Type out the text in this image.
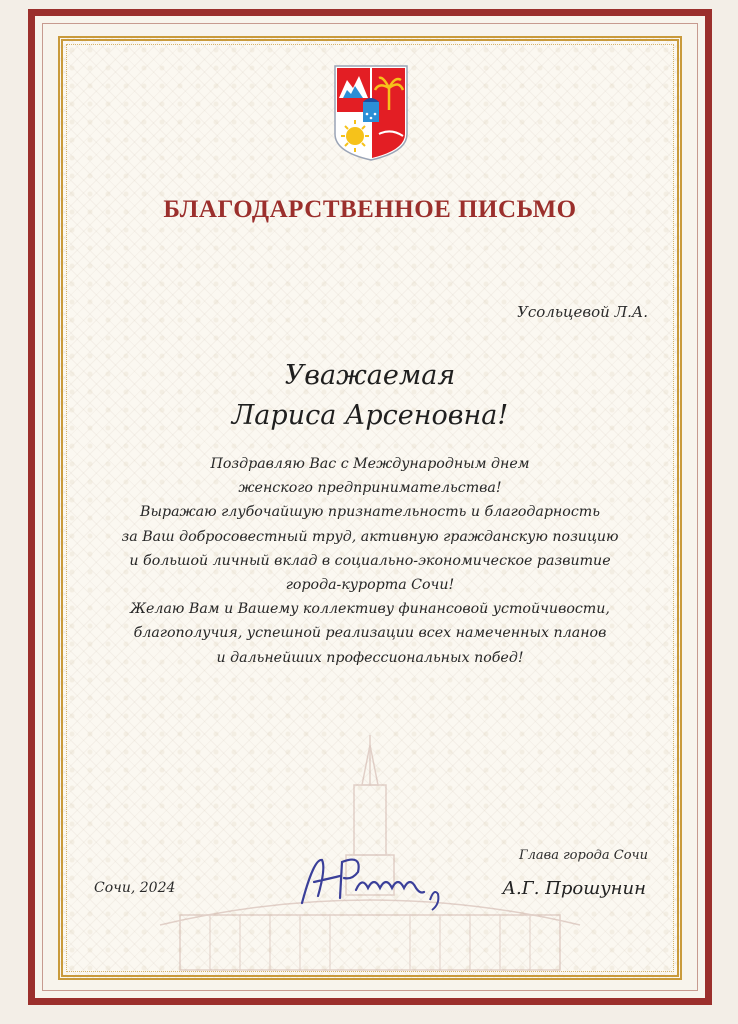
БЛАГОДАРСТВЕННОЕ ПИСЬМО
Усольцевой Л.А.

Уважаемая

Лариса Арсеновна!

Поздравляю Вас с Международным днем
женского предпринимательства!
Выражаю глубочайшую признательность и благодарность
за Ваш добросовестный труд, активную гражданскую позицию
и большой личный вклад в социально-экономическое развитие
города-курорта Сочи!
Желаю Вам и Вашему коллективу финансовой устойчивости,
благополучия, успешной реализации всех намеченных планов
и дальнейших профессиональных побед!
Глава города Сочи
Сочи, 2024	А.Г. Прошунин
